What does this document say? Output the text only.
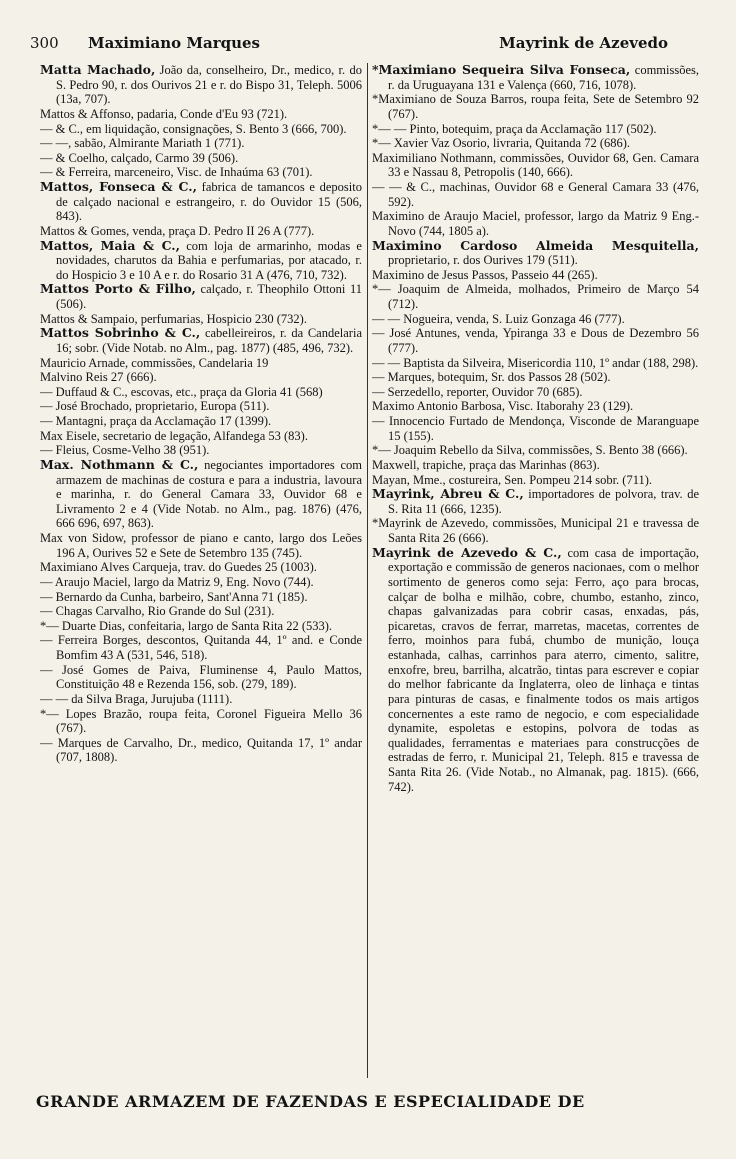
300 Maximiano Marques	Mayrink de Azevedo

Matta Machado, João da, conselheiro, Dr., medico, r. do S. Pedro 90, r. dos Ourivos 21 e r. do Bispo 31, Teleph. 5006 (13a, 707).

Mattos & Affonso, padaria, Conde d'Eu 93 (721).

— & C., em liquidação, consignações, S. Bento 3 (666, 700).

— —, sabão, Almirante Mariath 1 (771).

— & Coelho, calçado, Carmo 39 (506).

— & Ferreira, marceneiro, Visc. de Inhaúma 63 (701).

Mattos, Fonseca & C., fabrica de tamancos e deposito de calçado nacional e estrangeiro, r. do Ouvidor 15 (506, 843).

Mattos & Gomes, venda, praça D. Pedro II 26 A (777).

Mattos, Maia & C., com loja de armarinho, modas e novidades, charutos da Bahia e perfumarias, por atacado, r. do Hospicio 3 e 10 A e r. do Rosario 31 A (476, 710, 732).

Mattos Porto & Filho, calçado, r. Theophilo Ottoni 11 (506).

Mattos & Sampaio, perfumarias, Hospicio 230 (732).

Mattos Sobrinho & C., cabelleireiros, r. da Candelaria 16; sobr. (Vide Notab. no Alm., pag. 1877) (485, 496, 732).

Mauricio Arnade, commissões, Candelaria 19

Malvino Reis 27 (666).

— Duffaud & C., escovas, etc., praça da Gloria 41 (568)

— José Brochado, proprietario, Europa (511).

— Mantagni, praça da Acclamação 17 (1399).

Max Eisele, secretario de legação, Alfandega 53 (83).

— Fleius, Cosme-Velho 38 (951).

Max. Nothmann & C., negociantes importadores com armazem de machinas de costura e para a industria, lavoura e marinha, r. do General Camara 33, Ouvidor 68 e Livramento 2 e 4 (Vide Notab. no Alm., pag. 1876) (476, 666 696, 697, 863).

Max von Sidow, professor de piano e canto, largo dos Leões 196 A, Ourives 52 e Sete de Setembro 135 (745).

Maximiano Alves Carqueja, trav. do Guedes 25 (1003).

— Araujo Maciel, largo da Matriz 9, Eng. Novo (744).

— Bernardo da Cunha, barbeiro, Sant'Anna 71 (185).

— Chagas Carvalho, Rio Grande do Sul (231).

*— Duarte Dias, confeitaria, largo de Santa Rita 22 (533).

— Ferreira Borges, descontos, Quitanda 44, 1º and. e Conde Bomfim 43 A (531, 546, 518).

— José Gomes de Paiva, Fluminense 4, Paulo Mattos, Constituição 48 e Rezenda 156, sob. (279, 189).

— — da Silva Braga, Jurujuba (1111).

*— Lopes Brazão, roupa feita, Coronel Figueira Mello 36 (767).

— Marques de Carvalho, Dr., medico, Quitanda 17, 1º andar (707, 1808).

*Maximiano Sequeira Silva Fonseca, commissões, r. da Uruguayana 131 e Valença (660, 716, 1078).

*Maximiano de Souza Barros, roupa feita, Sete de Setembro 92 (767).

*— — Pinto, botequim, praça da Acclamação 117 (502).

*— Xavier Vaz Osorio, livraria, Quitanda 72 (686).

Maximiliano Nothmann, commissões, Ouvidor 68, Gen. Camara 33 e Nassau 8, Petropolis (140, 666).

— — & C., machinas, Ouvidor 68 e General Camara 33 (476, 592).

Maximino de Araujo Maciel, professor, largo da Matriz 9 Eng.-Novo (744, 1805 a).

Maximino Cardoso Almeida Mesquitella, proprietario, r. dos Ourives 179 (511).

Maximino de Jesus Passos, Passeio 44 (265).

*— Joaquim de Almeida, molhados, Primeiro de Março 54 (712).

— — Nogueira, venda, S. Luiz Gonzaga 46 (777).

— José Antunes, venda, Ypiranga 33 e Dous de Dezembro 56 (777).

— — Baptista da Silveira, Misericordia 110, 1º andar (188, 298).

— Marques, botequim, Sr. dos Passos 28 (502).

— Serzedello, reporter, Ouvidor 70 (685).

Maximo Antonio Barbosa, Visc. Itaborahy 23 (129).

— Innocencio Furtado de Mendonça, Visconde de Maranguape 15 (155).

*— Joaquim Rebello da Silva, commissões, S. Bento 38 (666).

Maxwell, trapiche, praça das Marinhas (863).

Mayan, Mme., costureira, Sen. Pompeu 214 sobr. (711).

Mayrink, Abreu & C., importadores de polvora, trav. de S. Rita 11 (666, 1235).

*Mayrink de Azevedo, commissões, Municipal 21 e travessa de Santa Rita 26 (666).

Mayrink de Azevedo & C., com casa de importação, exportação e commissão de generos nacionaes, com o melhor sortimento de generos como seja: Ferro, aço para brocas, calçar de bolha e milhão, cobre, chumbo, estanho, zinco, chapas galvanizadas para cobrir casas, enxadas, pás, picaretas, cravos de ferrar, marretas, macetas, correntes de ferro, moinhos para fubá, chumbo de munição, louça estanhada, calhas, carrinhos para aterro, cimento, salitre, enxofre, breu, barrilha, alcatrão, tintas para escrever e copiar do melhor fabricante da Inglaterra, oleo de linhaça e tintas para pinturas de casas, e finalmente todos os mais artigos concernentes a este ramo de negocio, e com especialidade dynamite, espoletas e estopins, polvora de todas as qualidades, ferramentas e materiaes para construcções de estradas de ferro, r. Municipal 21, Teleph. 815 e travessa de Santa Rita 26. (Vide Notab., no Almanak, pag. 1815). (666, 742).

GRANDE ARMAZEM DE FAZENDAS E ESPECIALIDADE DE
